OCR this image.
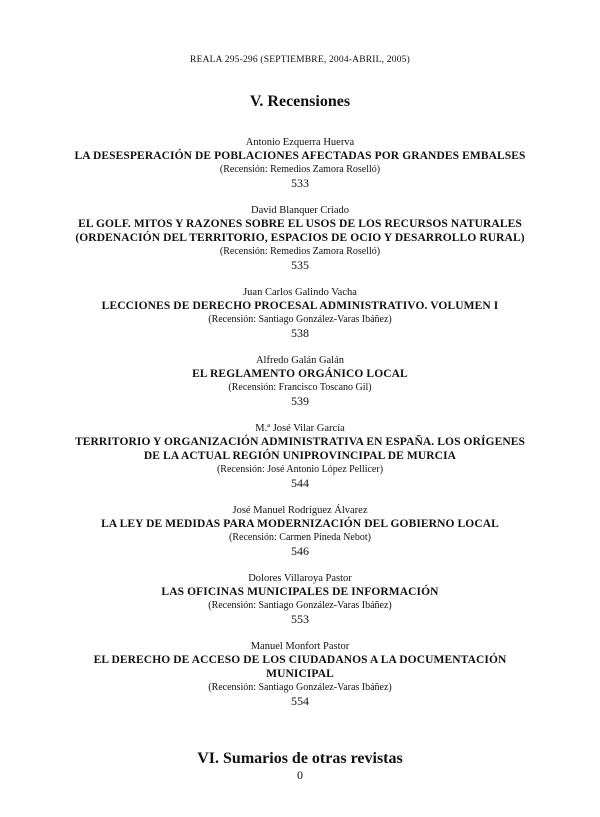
REALA 295-296 (SEPTIEMBRE, 2004-ABRIL, 2005)
V. Recensiones
Antonio Ezquerra Huerva
LA DESESPERACIÓN DE POBLACIONES AFECTADAS POR GRANDES EMBALSES
(Recensión: Remedios Zamora Roselló)
533
David Blanquer Criado
EL GOLF. MITOS Y RAZONES SOBRE EL USOS DE LOS RECURSOS NATURALES
(ORDENACIÓN DEL TERRITORIO, ESPACIOS DE OCIO Y DESARROLLO RURAL)
(Recensión: Remedios Zamora Roselló)
535
Juan Carlos Galindo Vacha
LECCIONES DE DERECHO PROCESAL ADMINISTRATIVO. VOLUMEN I
(Recensión: Santiago González-Varas Ibáñez)
538
Alfredo Galán Galán
EL REGLAMENTO ORGÁNICO LOCAL
(Recensión: Francisco Toscano Gil)
539
M.ª José Vilar García
TERRITORIO Y ORGANIZACIÓN ADMINISTRATIVA EN ESPAÑA. LOS ORÍGENES
DE LA ACTUAL REGIÓN UNIPROVINCIPAL DE MURCIA
(Recensión: José Antonio López Pellicer)
544
José Manuel Rodríguez Álvarez
LA LEY DE MEDIDAS PARA MODERNIZACIÓN DEL GOBIERNO LOCAL
(Recensión: Carmen Pineda Nebot)
546
Dolores Villaroya Pastor
LAS OFICINAS MUNICIPALES DE INFORMACIÓN
(Recensión: Santiago González-Varas Ibáñez)
553
Manuel Monfort Pastor
EL DERECHO DE ACCESO DE LOS CIUDADANOS A LA DOCUMENTACIÓN
MUNICIPAL
(Recensión: Santiago González-Varas Ibáñez)
554
VI. Sumarios de otras revistas
0
